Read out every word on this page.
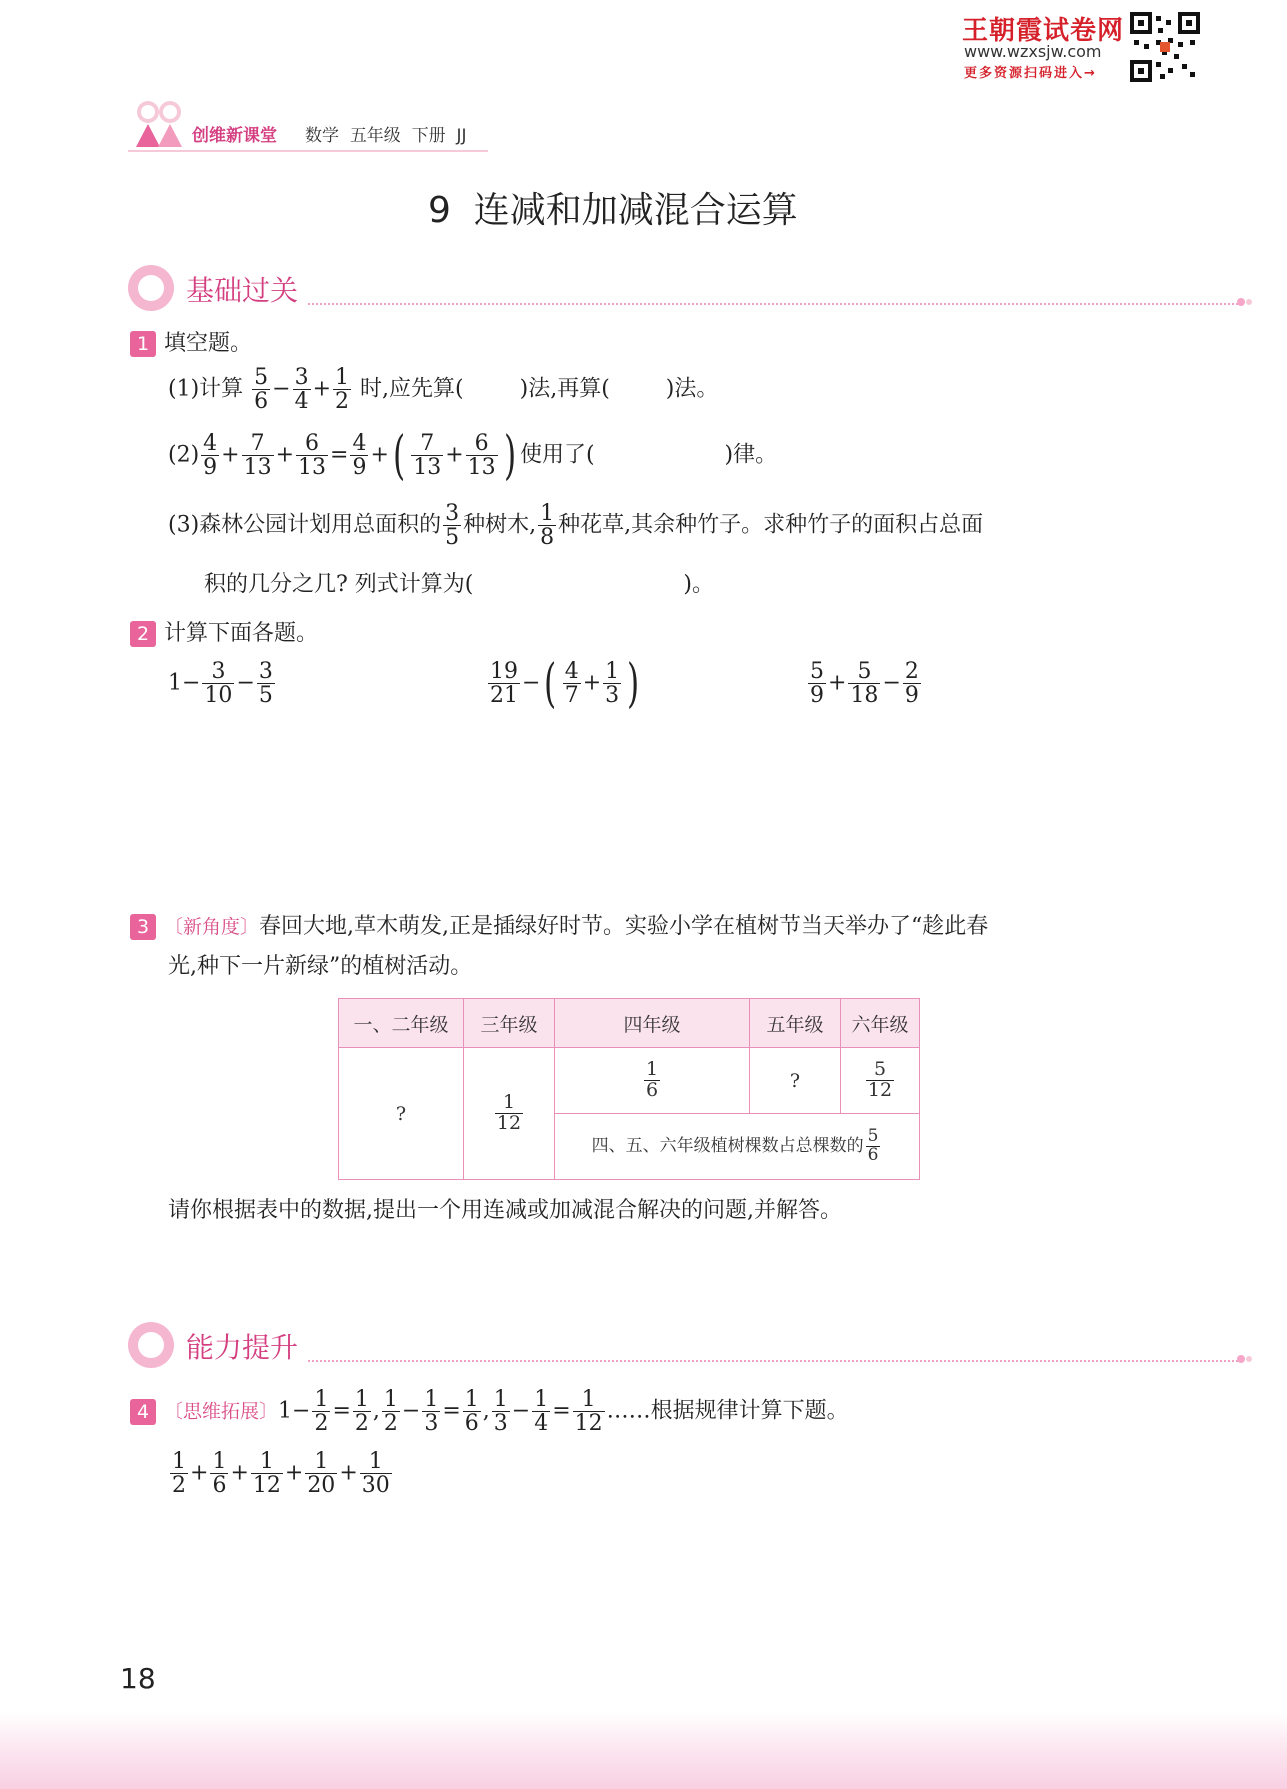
王朝霞试卷网
www.wzxsjw.com
更多资源扫码进入→
创维新课堂 数学 五年级 下册 JJ
9  连减和加减混合运算
基础过关
1 填空题。
(1)计算 $\frac{5}{6} - \frac{3}{4} + \frac{1}{2}$ 时,应先算(	)法,再算(	)法。
$(2) \frac{4}{9} + \frac{7}{13} + \frac{6}{13} = \frac{4}{9}$ +( $\frac{7}{13} + \frac{6}{13}$ ) 使用了(	)律。
(3)森林公园计划用总面积的 $\frac{3}{5}$ 种树木, $\frac{1}{8}$ 种花草,其余种竹子。求种竹子的面积占总面
积的几分之几? 列式计算为(	)。
2 计算下面各题。
$1- \frac{3}{10} - \frac{3}{5}$	$\frac{19}{21}$ −( $\frac{4}{7} + \frac{1}{3}$ )	$\frac{5}{9} + \frac{5}{18} - \frac{2}{9}$
3 〔新角度〕春回大地,草木萌发,正是插绿好时节。实验小学在植树节当天举办了“趁此春
光,种下一片新绿”的植树活动。
一、二年级	三年级	四年级	五年级	六年级
?	$\frac{1}{12}$	$\frac{1}{6}$	?	$\frac{5}{12}$

		四、五、六年级植树棵数占总棵数的 $\frac{5}{6}$
请你根据表中的数据,提出一个用连减或加减混合解决的问题,并解答。
能力提升
4 〔思维拓展〕$1- \frac{1}{2} = \frac{1}{2}$ , $\frac{1}{2} - \frac{1}{3} = \frac{1}{6}$ , $\frac{1}{3} - \frac{1}{4} = \frac{1}{12}$ ……根据规律计算下题。
$\frac{1}{2} + \frac{1}{6} + \frac{1}{12} + \frac{1}{20} + \frac{1}{30}$
18
